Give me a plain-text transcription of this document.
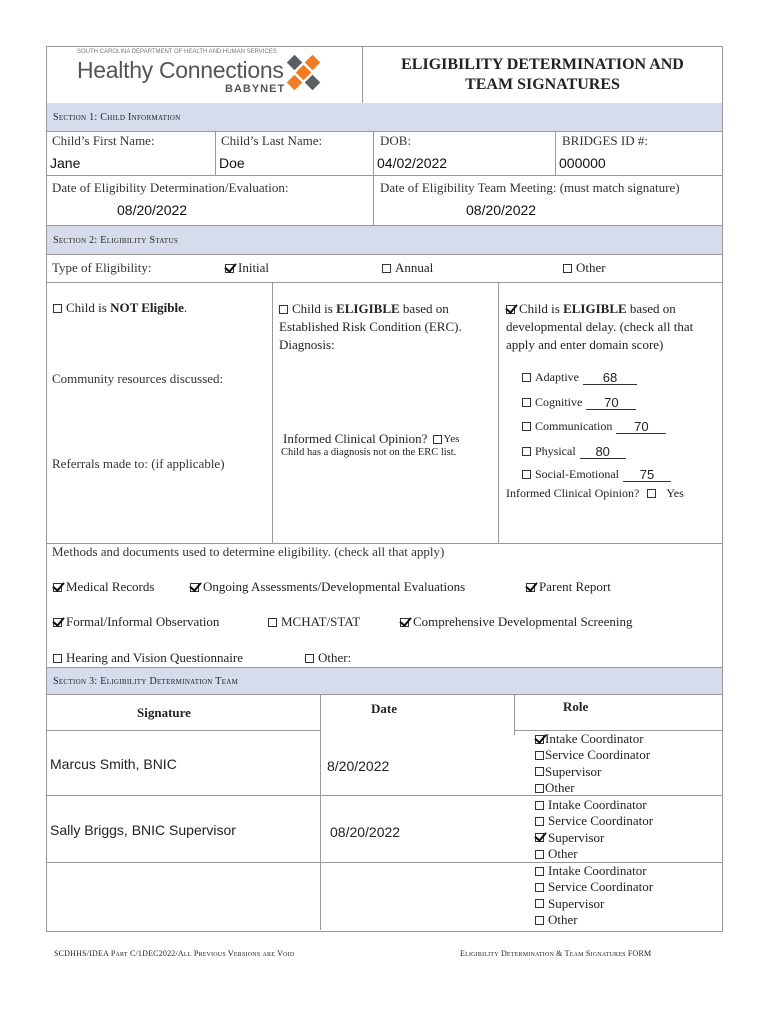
SOUTH CAROLINA DEPARTMENT OF HEALTH AND HUMAN SERVICES
Healthy Connections
BABYNET
ELIGIBILITY DETERMINATION AND
TEAM SIGNATURES
Section 1: Child Information
Child’s First Name:
Jane
Child’s Last Name:
Doe
DOB:
04/02/2022
BRIDGES ID #:
000000
Date of Eligibility Determination/Evaluation:
08/20/2022
Date of Eligibility Team Meeting: (must match signature)
08/20/2022
Section 2: Eligibility Status
Type of Eligibility:	Initial	Annual	Other
Child is NOT Eligible .
Community resources discussed:
Referrals made to: (if applicable)
Child is ELIGIBLE based on
Established Risk Condition (ERC).
Diagnosis:
Informed Clinical Opinion? Yes
Child has a diagnosis not on the ERC list.
Child is ELIGIBLE based on
developmental delay. (check all that
apply and enter domain score)
Adaptive	68
Cognitive	70
Communication	70
Physical	80
Social-Emotional	75
Informed Clinical Opinion? Yes
Methods and documents used to determine eligibility. (check all that apply)
Medical Records	Ongoing Assessments/Developmental Evaluations	Parent Report
Formal/Informal Observation	MCHAT/STAT	Comprehensive Developmental Screening
Hearing and Vision Questionnaire	Other:
Section 3: Eligibility Determination Team
Signature	Date	Role
Marcus Smith, BNIC	8/20/2022
Intake Coordinator
Service Coordinator
Supervisor
Other
Sally Briggs, BNIC Supervisor	08/20/2022
Intake Coordinator
Service Coordinator
Supervisor
Other
Intake Coordinator
Service Coordinator
Supervisor
Other
SCDHHS/IDEA Part C/1DEC2022/All Previous Versions are Void	Eligibility Determination & Team Signatures FORM
